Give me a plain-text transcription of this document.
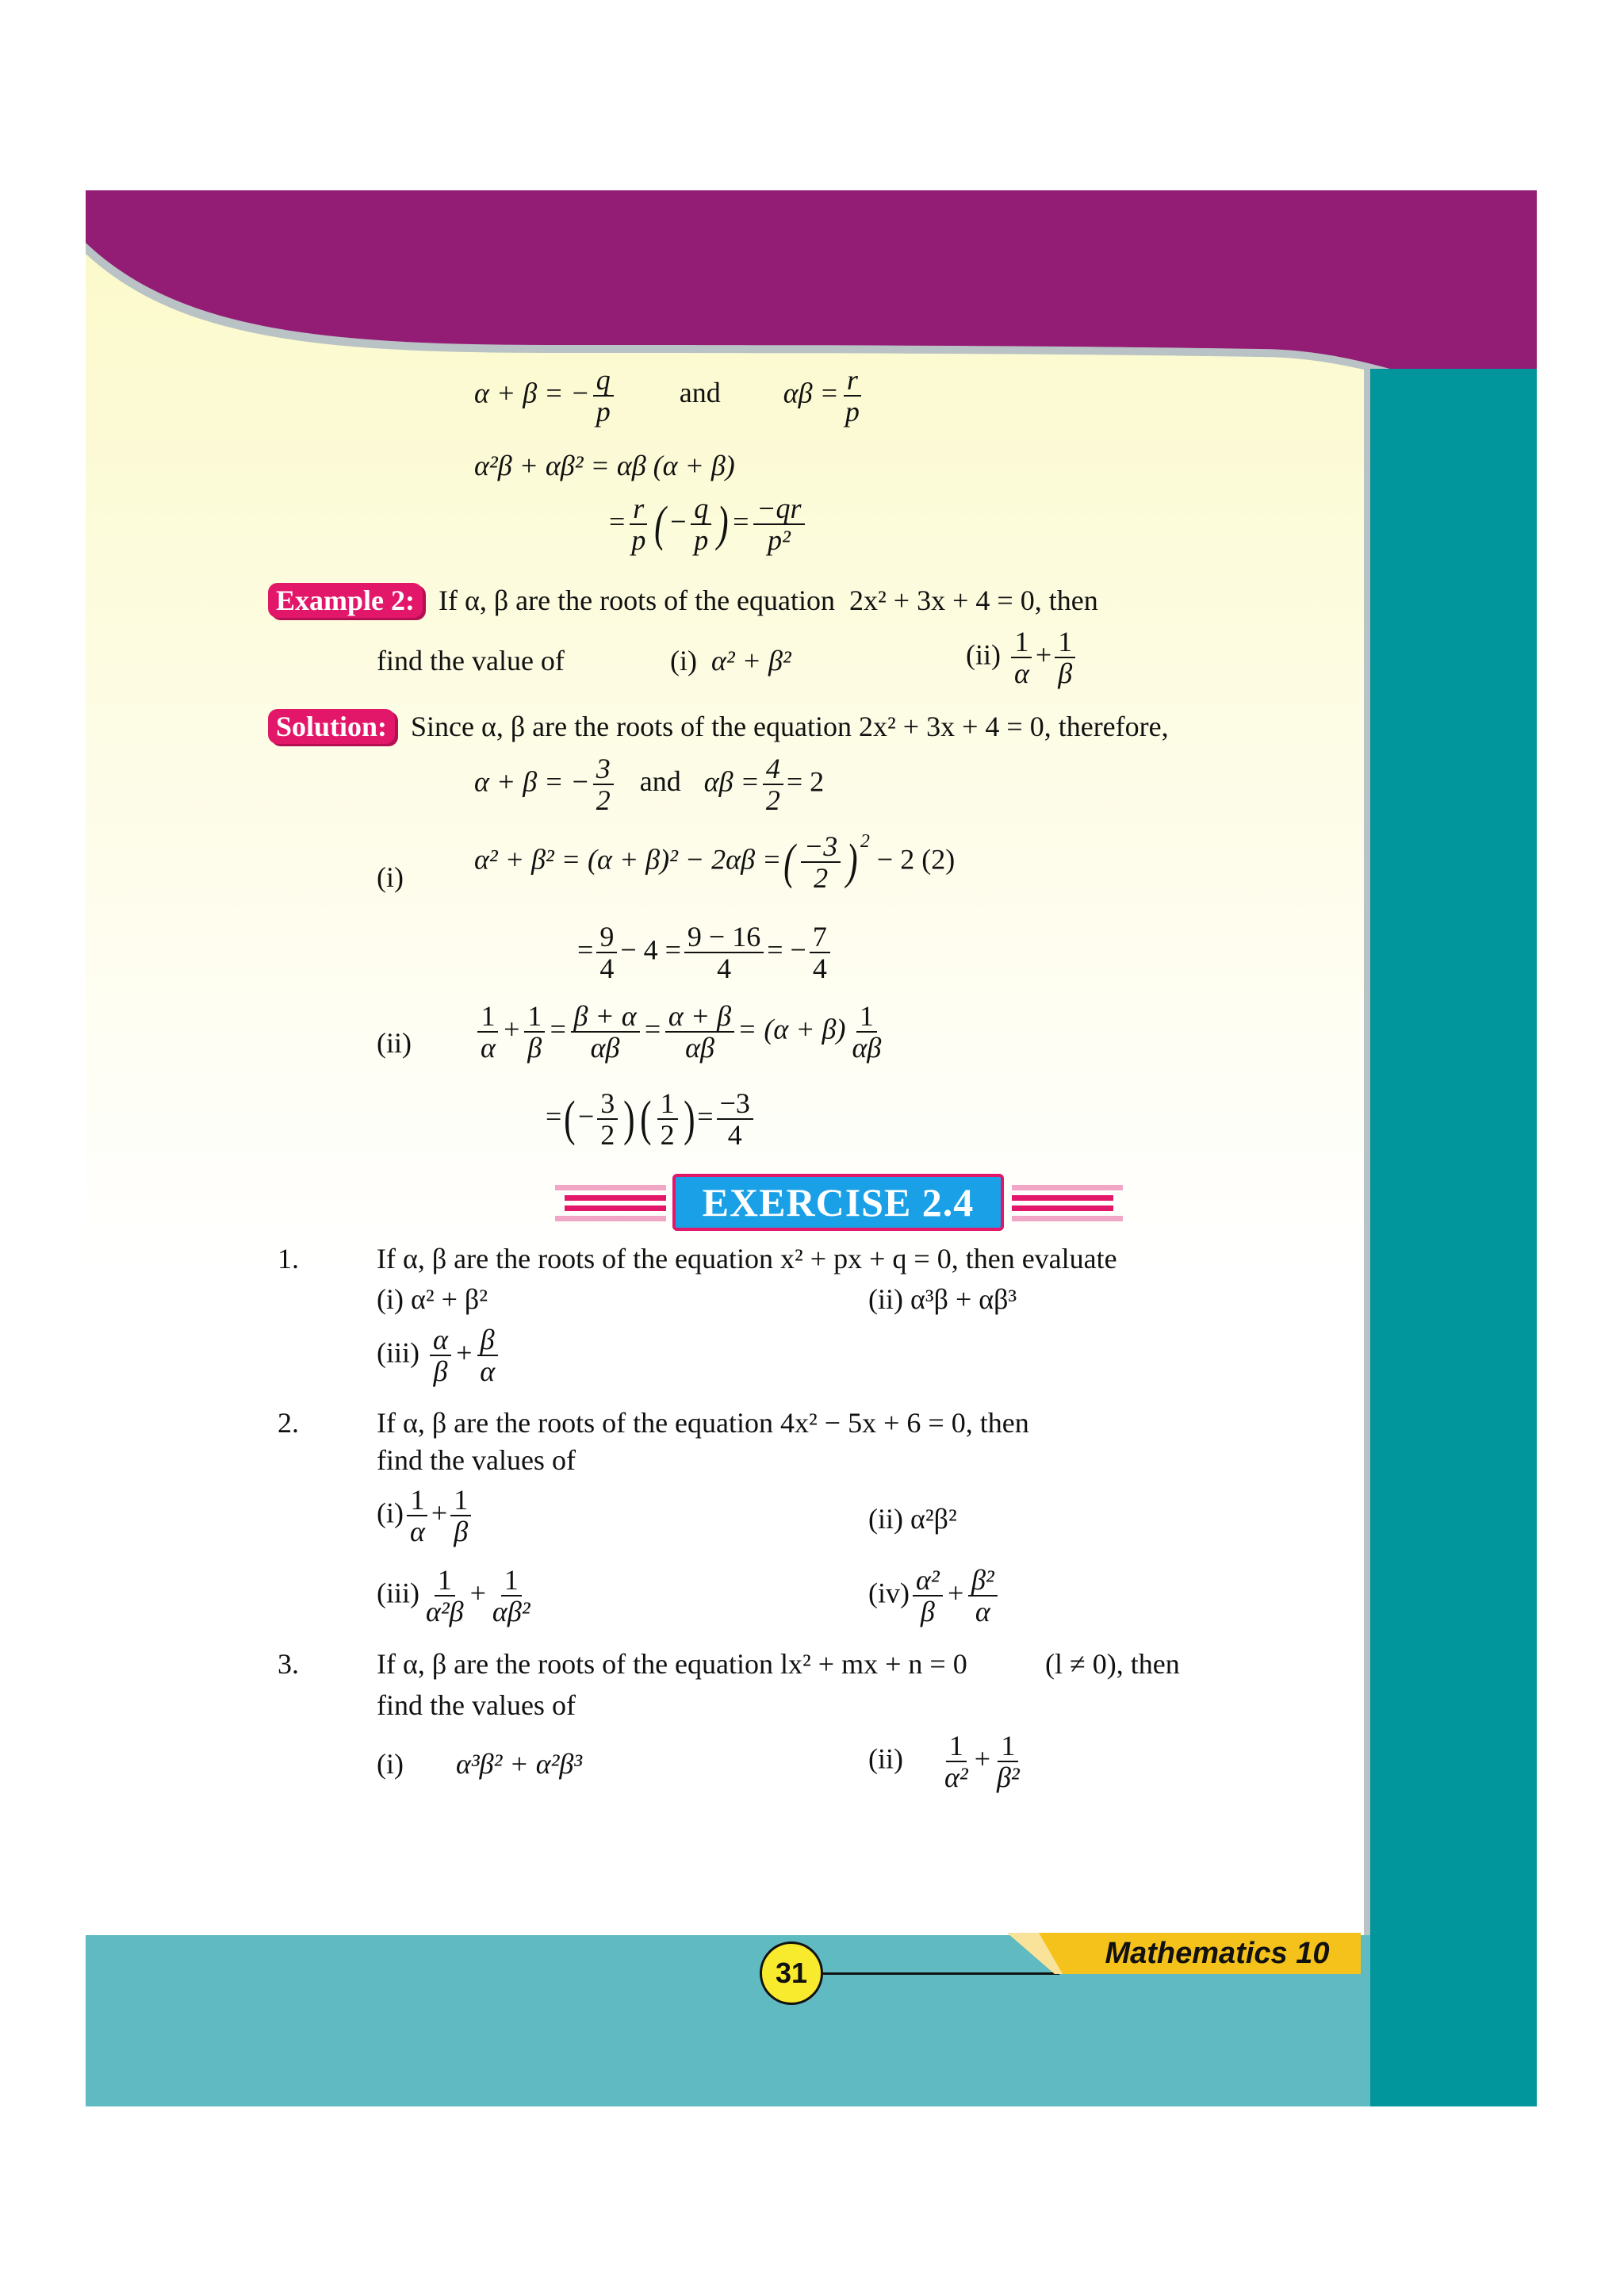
α + β = − $\frac{q}{p}$ and $\alpha\beta = \frac{r}{p}$
α²β + αβ² = αβ (α + β)
= $\frac{r}{p}$ (− $\frac{q}{p}$ )= $\frac{-qr}{\text{p²}}$
Example 2: If α, β are the roots of the equation 2x² + 3x + 4 = 0, then
find the value of	(i) α² + β²	$(ii) \frac{1}{\alpha} + \frac{1}{\beta}$
Solution: Since α, β are the roots of the equation 2x² + 3x + 4 = 0, therefore,
α + β = − $\frac{3}{2}$ and $\alpha\beta = \frac{4}{2} = 2$
(i)
α² + β² = (α + β)² − 2αβ =( $\frac{-3}{2}$ ) $^2$ − 2 (2)
= $\frac{9}{4} - 4 = \frac{9 - 16}{4}$ = − $\frac{7}{4}$
$(ii) \frac{1}{\alpha} + \frac{1}{\beta} = \frac{\beta + \alpha}{\alpha\beta} = \frac{\alpha + \beta}{\alpha\beta} = (\alpha + \beta) \frac{1}{\alpha\beta}$
=(− $\frac{3}{2}$ )( $\frac{1}{2}$ )= $\frac{-3}{4}$
EXERCISE 2.4
1.	If α, β are the roots of the equation x² + px + q = 0, then evaluate
(i) α² + β²	(ii) α³β + αβ³
$(iii) \frac{\alpha}{\beta} + \frac{\beta}{\alpha}$
2.	If α, β are the roots of the equation 4x² − 5x + 6 = 0, then
find the values of
$(i) \frac{1}{\alpha} + \frac{1}{\beta}$	(ii) α²β²
$(iii) \frac{1}{\text{α²β}} + \frac{1}{\text{αβ²}}$	$(iv) \frac{\text{α²}}{\beta} + \frac{\text{β²}}{\alpha}$
3.	If α, β are the roots of the equation lx² + mx + n = 0	(l ≠ 0), then
find the values of
(i) α³β² + α²β³	$(ii) \frac{1}{\text{α²}} + \frac{1}{\text{β²}}$
31
Mathematics 10
